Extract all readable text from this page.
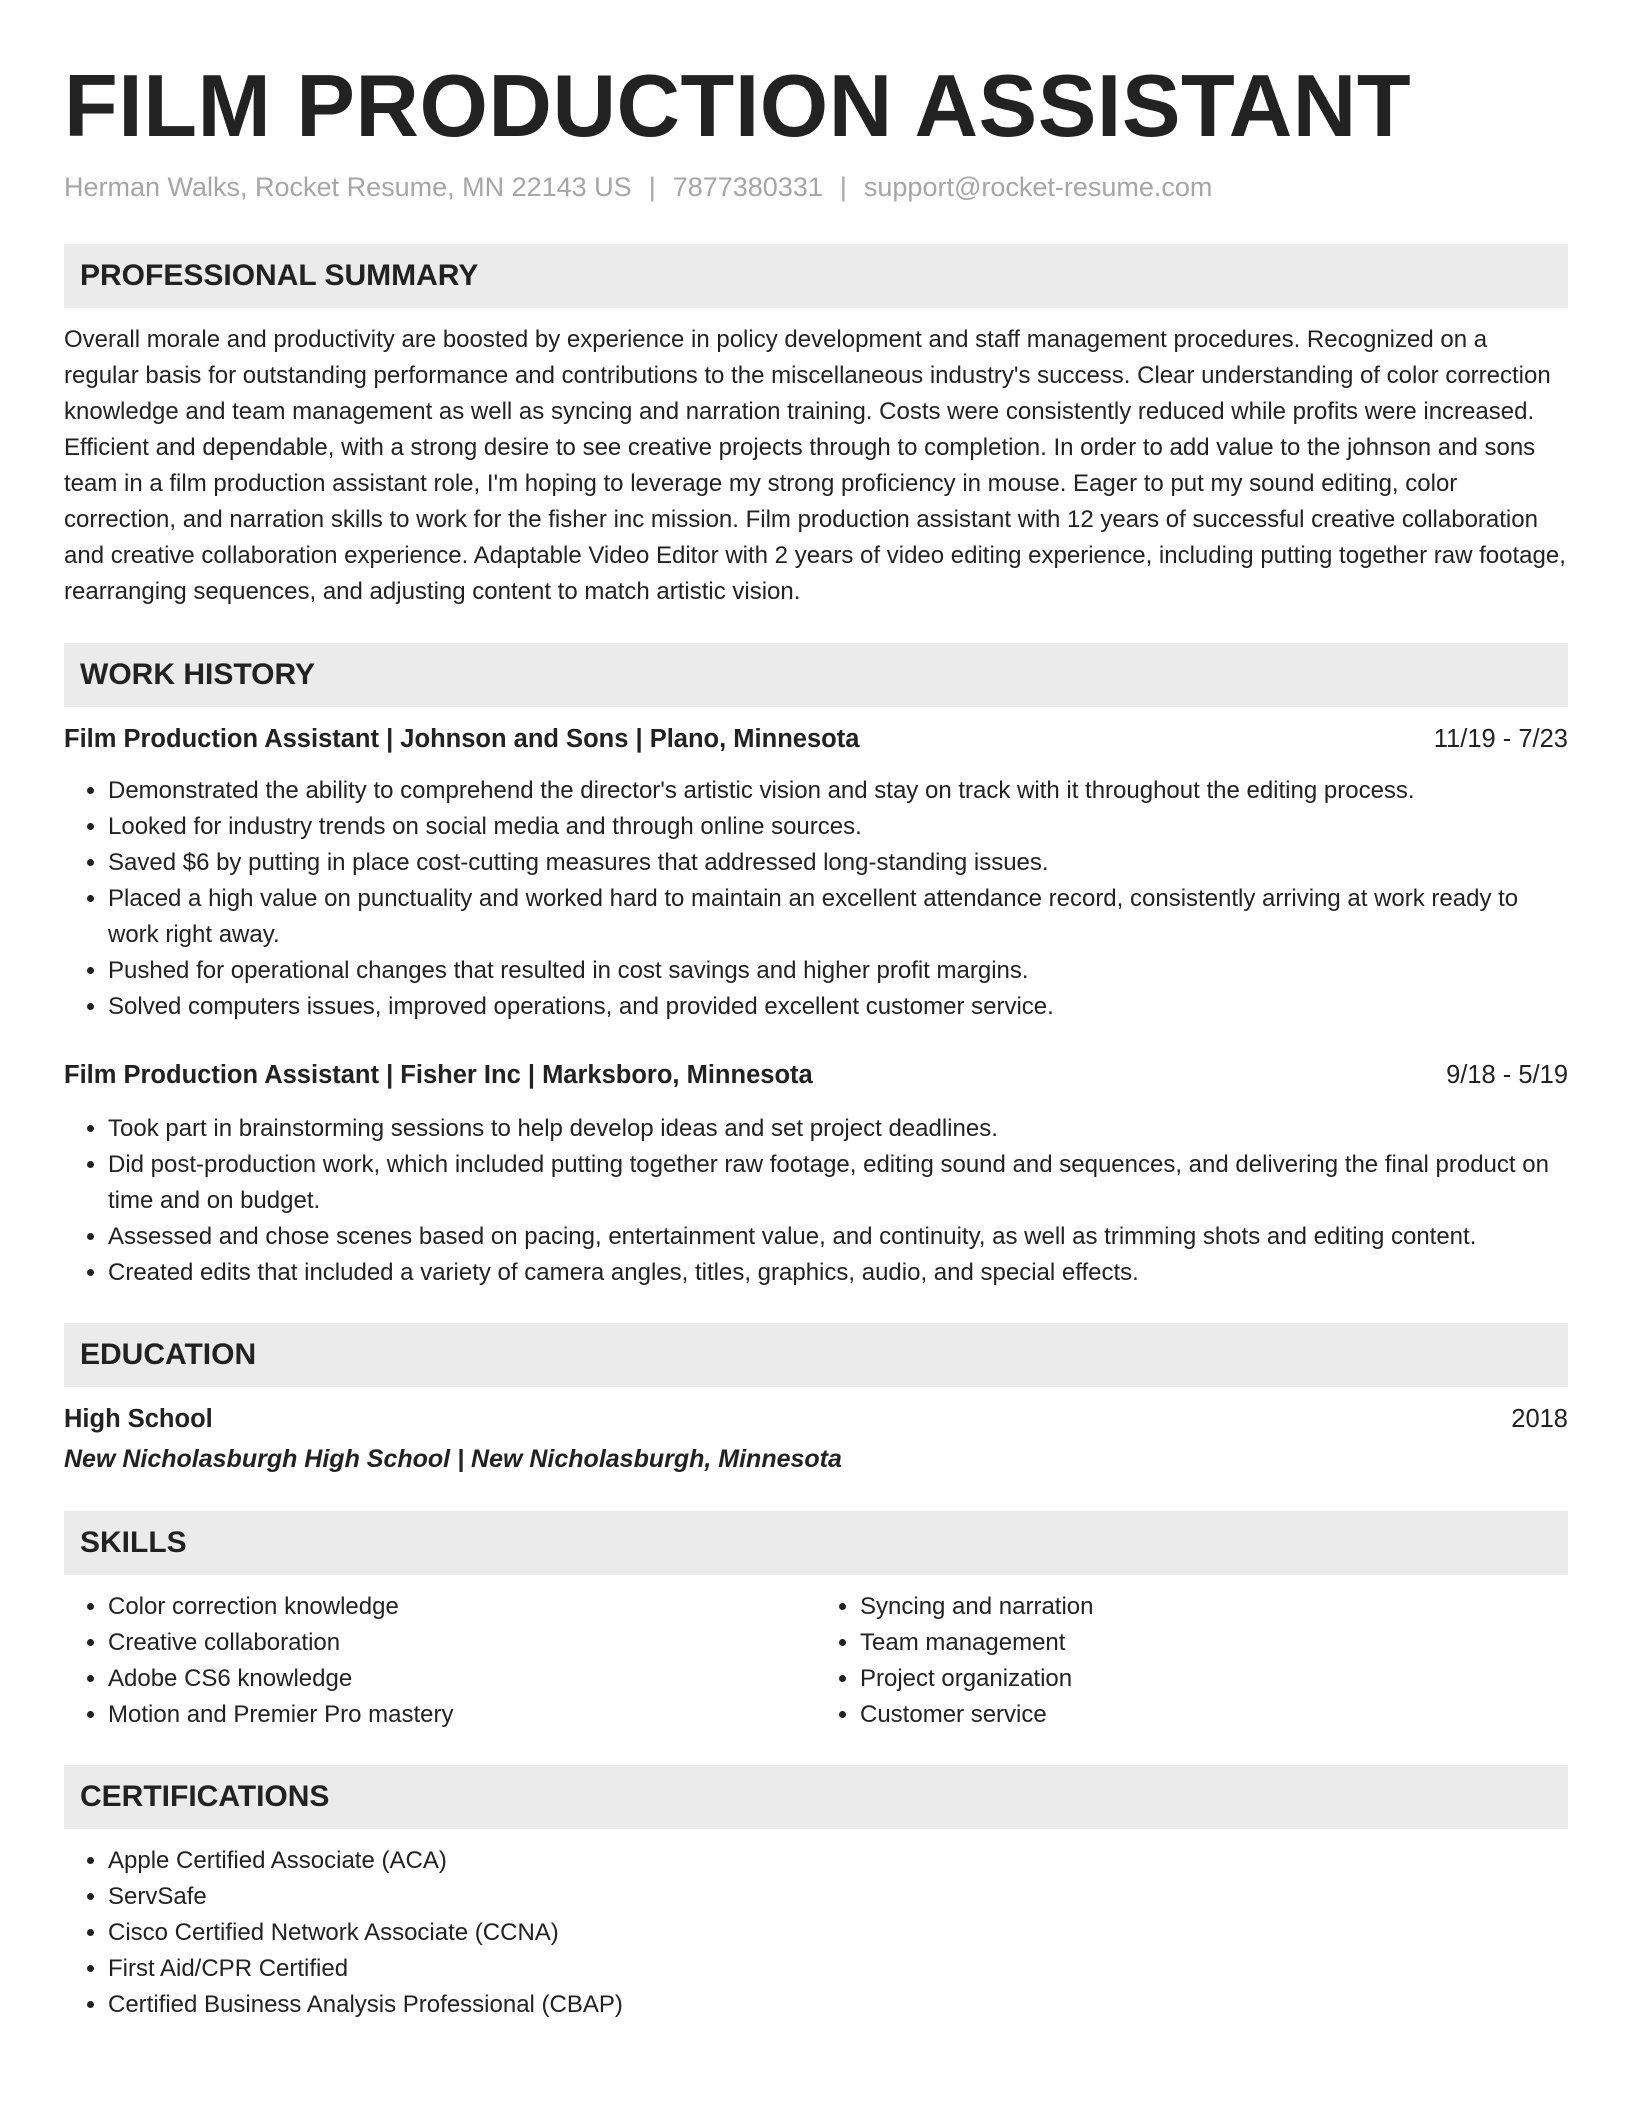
FILM PRODUCTION ASSISTANT
Herman Walks, Rocket Resume, MN 22143 US | 7877380331 | support@rocket-resume.com
PROFESSIONAL SUMMARY
Overall morale and productivity are boosted by experience in policy development and staff management procedures. Recognized on a regular basis for outstanding performance and contributions to the miscellaneous industry's success. Clear understanding of color correction knowledge and team management as well as syncing and narration training. Costs were consistently reduced while profits were increased. Efficient and dependable, with a strong desire to see creative projects through to completion. In order to add value to the johnson and sons team in a film production assistant role, I'm hoping to leverage my strong proficiency in mouse. Eager to put my sound editing, color correction, and narration skills to work for the fisher inc mission. Film production assistant with 12 years of successful creative collaboration and creative collaboration experience. Adaptable Video Editor with 2 years of video editing experience, including putting together raw footage, rearranging sequences, and adjusting content to match artistic vision.
WORK HISTORY
Film Production Assistant | Johnson and Sons | Plano, Minnesota	11/19 - 7/23
• Demonstrated the ability to comprehend the director's artistic vision and stay on track with it throughout the editing process.
• Looked for industry trends on social media and through online sources.
• Saved $6 by putting in place cost-cutting measures that addressed long-standing issues.
• Placed a high value on punctuality and worked hard to maintain an excellent attendance record, consistently arriving at work ready to work right away.
• Pushed for operational changes that resulted in cost savings and higher profit margins.
• Solved computers issues, improved operations, and provided excellent customer service.
Film Production Assistant | Fisher Inc | Marksboro, Minnesota	9/18 - 5/19
• Took part in brainstorming sessions to help develop ideas and set project deadlines.
• Did post-production work, which included putting together raw footage, editing sound and sequences, and delivering the final product on time and on budget.
• Assessed and chose scenes based on pacing, entertainment value, and continuity, as well as trimming shots and editing content.
• Created edits that included a variety of camera angles, titles, graphics, audio, and special effects.
EDUCATION
High School	2018
New Nicholasburgh High School | New Nicholasburgh, Minnesota
SKILLS
• Color correction knowledge
• Creative collaboration
• Adobe CS6 knowledge
• Motion and Premier Pro mastery
• Syncing and narration
• Team management
• Project organization
• Customer service
CERTIFICATIONS
• Apple Certified Associate (ACA)
• ServSafe
• Cisco Certified Network Associate (CCNA)
• First Aid/CPR Certified
• Certified Business Analysis Professional (CBAP)
